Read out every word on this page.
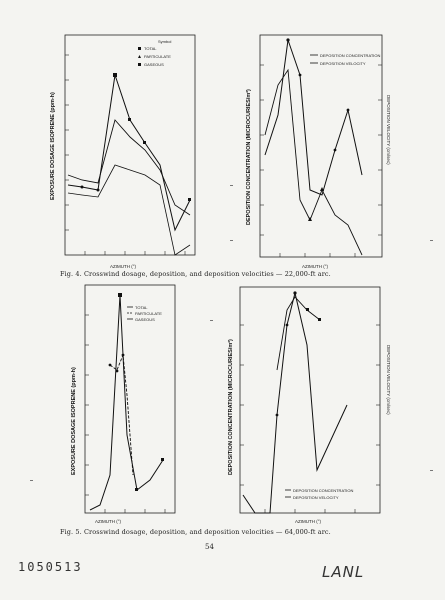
Symbol
TOTAL
PARTICULATE
GASEOUS
EXPOSURE DOSAGE ISOPRENE (ppm-h)
AZIMUTH (°)
DEPOSITION CONCENTRATION
DEPOSITION VELOCITY
DEPOSITION CONCENTRATION (MICROCURIES/m²)	DEPOSITION VELOCITY (cm/sec)
AZIMUTH (°)
Fig. 4. Crosswind dosage, deposition, and deposition velocities — 22,000-ft arc.
TOTAL
PARTICULATE
GASEOUS
EXPOSURE DOSAGE ISOPRENE (ppm-h)
AZIMUTH (°)
DEPOSITION CONCENTRATION
DEPOSITION VELOCITY
DEPOSITION CONCENTRATION (MICROCURIES/m²)	DEPOSITION VELOCITY (cm/sec)
AZIMUTH (°)
Fig. 5. Crosswind dosage, deposition, and deposition velocities — 64,000-ft arc.
54
1050513	LANL
